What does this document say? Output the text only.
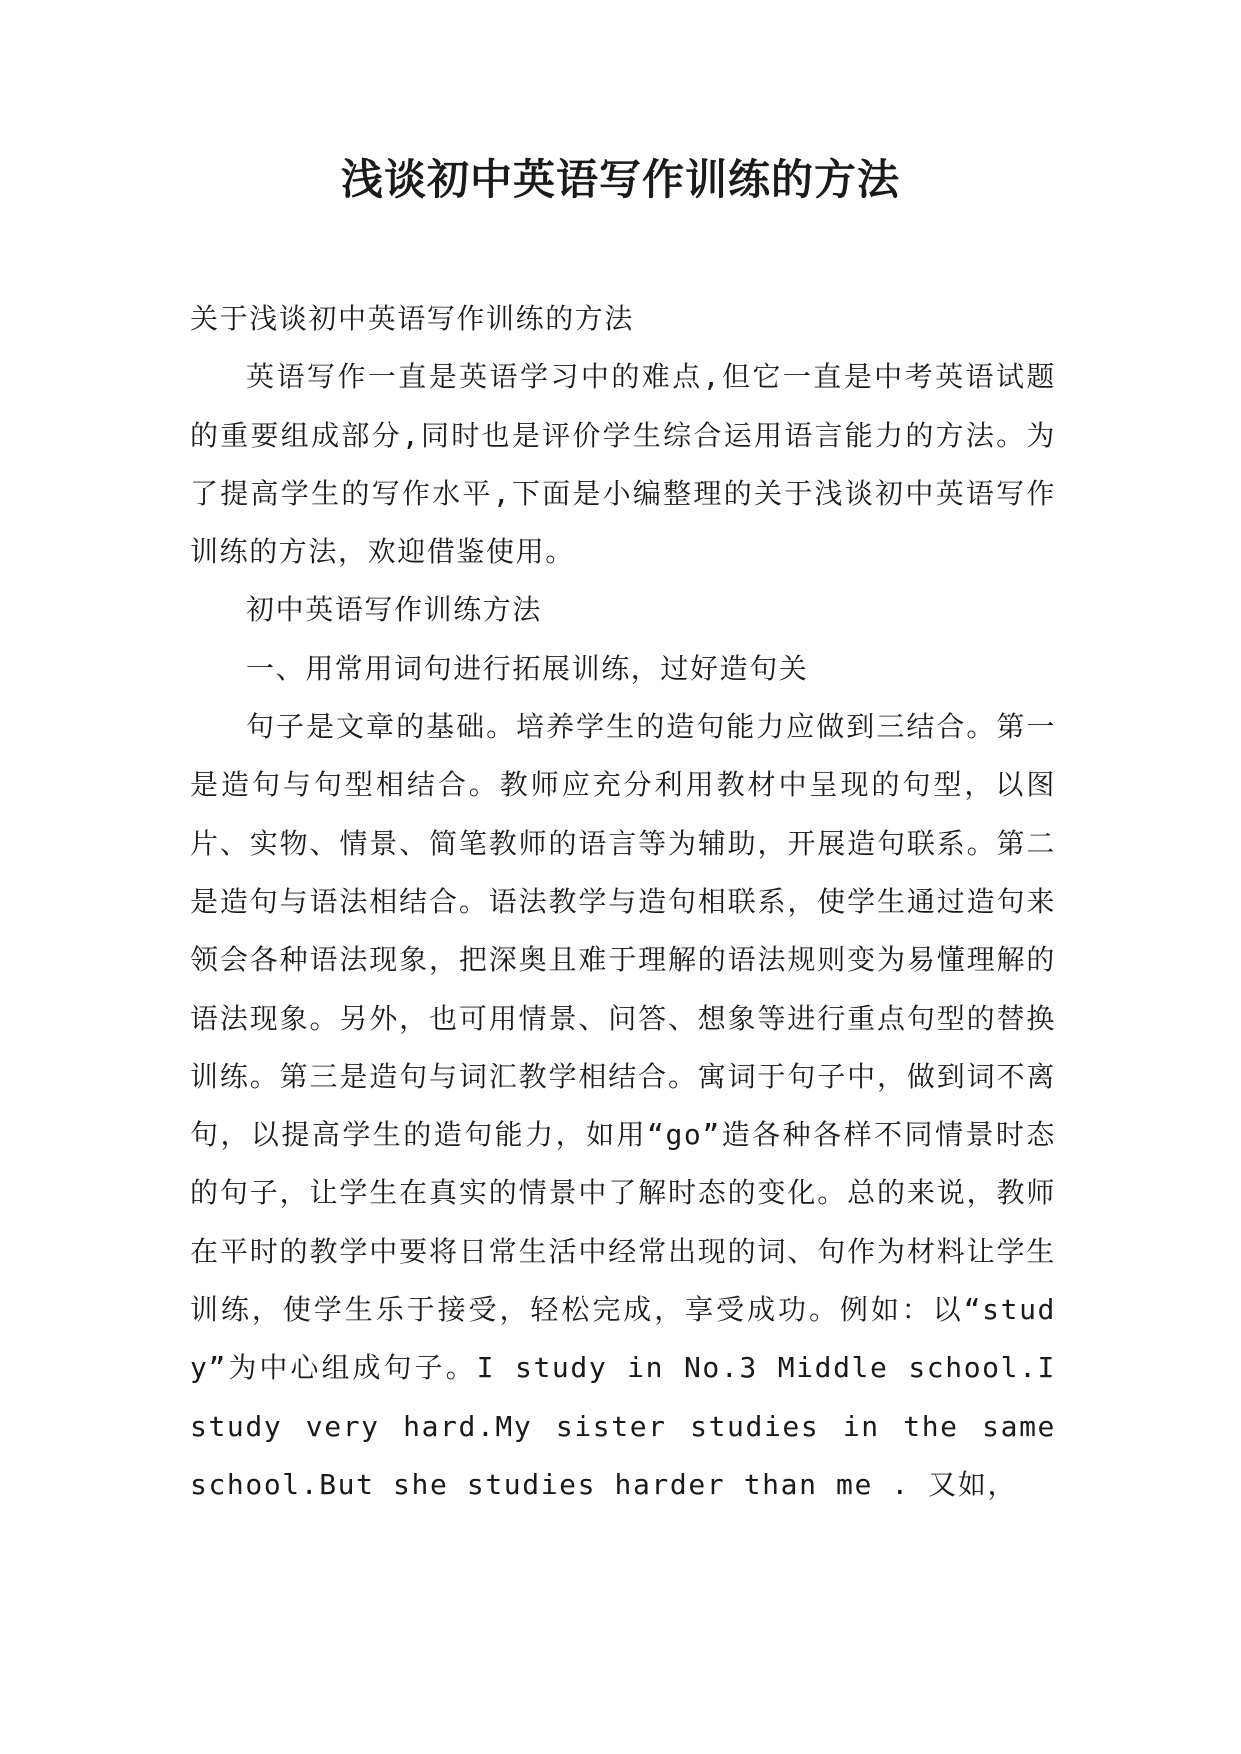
浅谈初中英语写作训练的方法

关于浅谈初中英语写作训练的方法

英语写作一直是英语学习中的难点,但它一直是中考英语试题的重要组成部分,同时也是评价学生综合运用语言能力的方法。为了提高学生的写作水平,下面是小编整理的关于浅谈初中英语写作训练的方法，欢迎借鉴使用。

初中英语写作训练方法

一、用常用词句进行拓展训练，过好造句关

句子是文章的基础。培养学生的造句能力应做到三结合。第一是造句与句型相结合。教师应充分利用教材中呈现的句型，以图片、实物、情景、简笔教师的语言等为辅助，开展造句联系。第二是造句与语法相结合。语法教学与造句相联系，使学生通过造句来领会各种语法现象，把深奥且难于理解的语法规则变为易懂理解的语法现象。另外，也可用情景、问答、想象等进行重点句型的替换训练。第三是造句与词汇教学相结合。寓词于句子中，做到词不离句，以提高学生的造句能力，如用“go”造各种各样不同情景时态的句子，让学生在真实的情景中了解时态的变化。总的来说，教师在平时的教学中要将日常生活中经常出现的词、句作为材料让学生训练，使学生乐于接受，轻松完成，享受成功。例如：以“study”为中心组成句子。I study in No.3 Middle school.I study very hard.My sister studies in the same school.But she studies harder than me . 又如，
